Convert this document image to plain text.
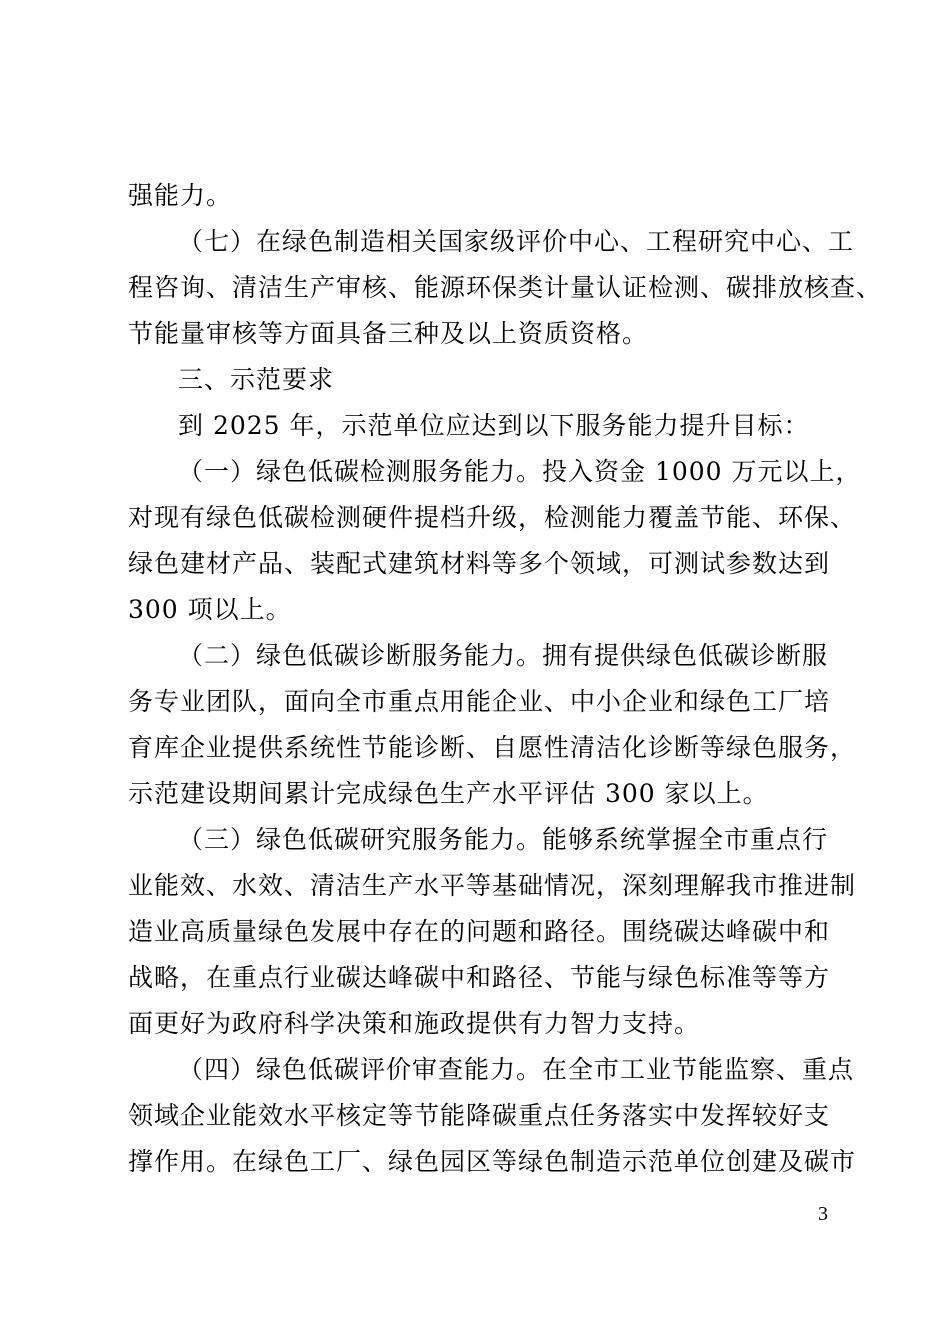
强能力。
（七）在绿色制造相关国家级评价中心、工程研究中心、工
程咨询、清洁生产审核、能源环保类计量认证检测、碳排放核查、
节能量审核等方面具备三种及以上资质资格。
三、示范要求
到 2025 年，示范单位应达到以下服务能力提升目标：
（一）绿色低碳检测服务能力。投入资金 1000 万元以上，
对现有绿色低碳检测硬件提档升级，检测能力覆盖节能、环保、
绿色建材产品、装配式建筑材料等多个领域，可测试参数达到
300 项以上。
（二）绿色低碳诊断服务能力。拥有提供绿色低碳诊断服
务专业团队，面向全市重点用能企业、中小企业和绿色工厂培
育库企业提供系统性节能诊断、自愿性清洁化诊断等绿色服务，
示范建设期间累计完成绿色生产水平评估 300 家以上。
（三）绿色低碳研究服务能力。能够系统掌握全市重点行
业能效、水效、清洁生产水平等基础情况，深刻理解我市推进制
造业高质量绿色发展中存在的问题和路径。围绕碳达峰碳中和
战略，在重点行业碳达峰碳中和路径、节能与绿色标准等等方
面更好为政府科学决策和施政提供有力智力支持。
（四）绿色低碳评价审查能力。在全市工业节能监察、重点
领域企业能效水平核定等节能降碳重点任务落实中发挥较好支
撑作用。在绿色工厂、绿色园区等绿色制造示范单位创建及碳市
3
